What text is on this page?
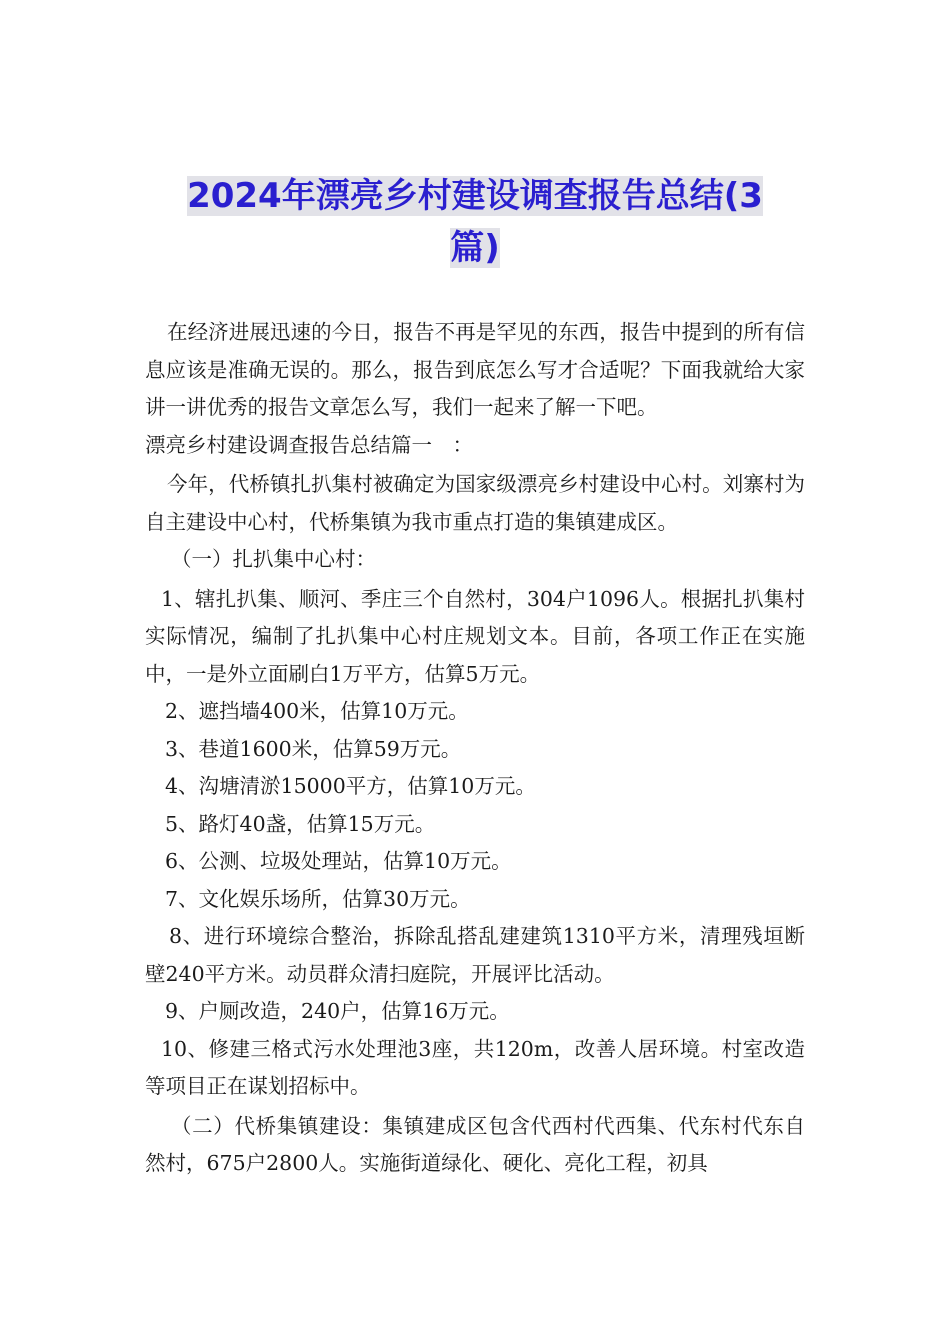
2024年漂亮乡村建设调查报告总结(3
篇)

在经济进展迅速的今日，报告不再是罕见的东西，报告中提到的所有信息应该是准确无误的。那么，报告到底怎么写才合适呢？下面我就给大家讲一讲优秀的报告文章怎么写，我们一起来了解一下吧。

漂亮乡村建设调查报告总结篇一　：

今年，代桥镇扎扒集村被确定为国家级漂亮乡村建设中心村。刘寨村为自主建设中心村，代桥集镇为我市重点打造的集镇建成区。

（一）扎扒集中心村：

1、辖扎扒集、顺河、季庄三个自然村，304户1096人。根据扎扒集村实际情况，编制了扎扒集中心村庄规划文本。目前，各项工作正在实施中，一是外立面刷白1万平方，估算5万元。

2、遮挡墙400米，估算10万元。

3、巷道1600米，估算59万元。

4、沟塘清淤15000平方，估算10万元。

5、路灯40盏，估算15万元。

6、公测、垃圾处理站，估算10万元。

7、文化娱乐场所，估算30万元。

8、进行环境综合整治，拆除乱搭乱建建筑1310平方米，清理残垣断壁240平方米。动员群众清扫庭院，开展评比活动。

9、户厕改造，240户，估算16万元。

10、修建三格式污水处理池3座，共120m，改善人居环境。村室改造等项目正在谋划招标中。

（二）代桥集镇建设：集镇建成区包含代西村代西集、代东村代东自然村，675户2800人。实施街道绿化、硬化、亮化工程，初具
